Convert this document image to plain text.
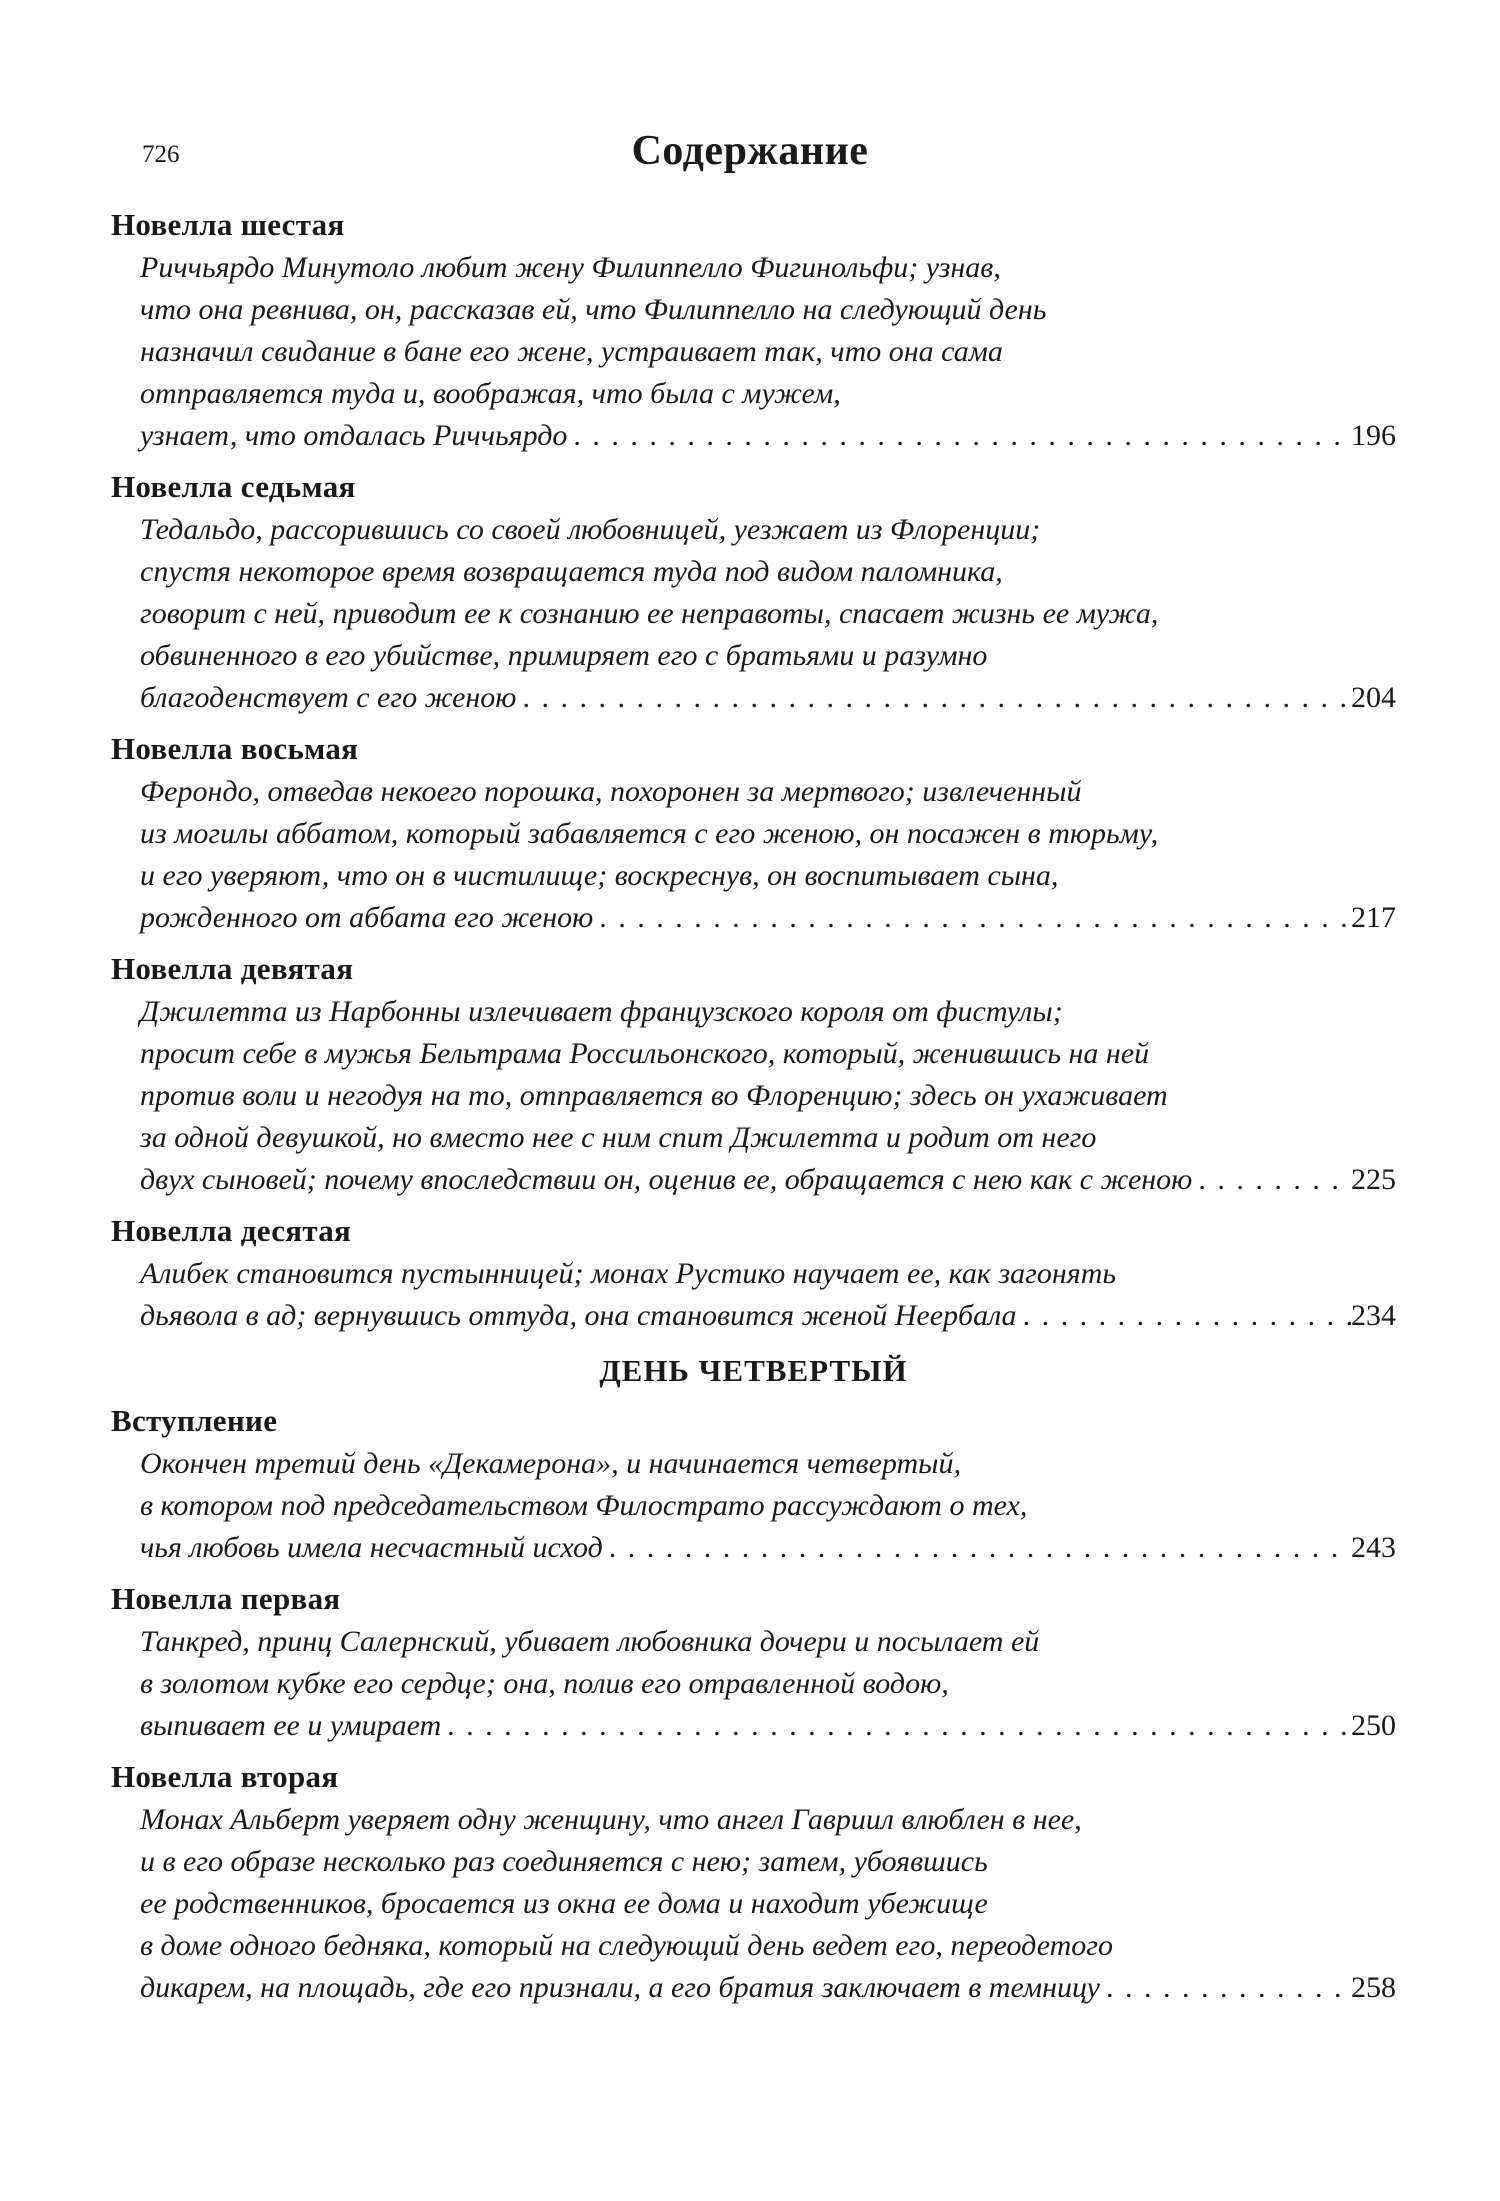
726	Содержание
Новелла шестая
Риччьярдо Минутоло любит жену Филиппелло Фигинольфи; узнав,
что она ревнива, он, рассказав ей, что Филиппелло на следующий день
назначил свидание в бане его жене, устраивает так, что она сама
отправляется туда и, воображая, что была с мужем,
узнает, что отдалась Риччьярдо . . .	196
Новелла седьмая
Тедальдо, рассорившись со своей любовницей, уезжает из Флоренции;
спустя некоторое время возвращается туда под видом паломника,
говорит с ней, приводит ее к сознанию ее неправоты, спасает жизнь ее мужа,
обвиненного в его убийстве, примиряет его с братьями и разумно
благоденствует с его женою . . .	204
Новелла восьмая
Ферондо, отведав некоего порошка, похоронен за мертвого; извлеченный
из могилы аббатом, который забавляется с его женою, он посажен в тюрьму,
и его уверяют, что он в чистилище; воскреснув, он воспитывает сына,
рожденного от аббата его женою . . .	217
Новелла девятая
Джилетта из Нарбонны излечивает французского короля от фистулы;
просит себе в мужья Бельтрама Россильонского, который, женившись на ней
против воли и негодуя на то, отправляется во Флоренцию; здесь он ухаживает
за одной девушкой, но вместо нее с ним спит Джилетта и родит от него
двух сыновей; почему впоследствии он, оценив ее, обращается с нею как с женою . . .	225
Новелла десятая
Алибек становится пустынницей; монах Рустико научает ее, как загонять
дьявола в ад; вернувшись оттуда, она становится женой Неербала . . .	234
ДЕНЬ ЧЕТВЕРТЫЙ
Вступление
Окончен третий день «Декамерона», и начинается четвертый,
в котором под председательством Филострато рассуждают о тех,
чья любовь имела несчастный исход . . .	243
Новелла первая
Танкред, принц Салернский, убивает любовника дочери и посылает ей
в золотом кубке его сердце; она, полив его отравленной водою,
выпивает ее и умирает . . .	250
Новелла вторая
Монах Альберт уверяет одну женщину, что ангел Гавриил влюблен в нее,
и в его образе несколько раз соединяется с нею; затем, убоявшись
ее родственников, бросается из окна ее дома и находит убежище
в доме одного бедняка, который на следующий день ведет его, переодетого
дикарем, на площадь, где его признали, а его братия заключает в темницу . . .	258
